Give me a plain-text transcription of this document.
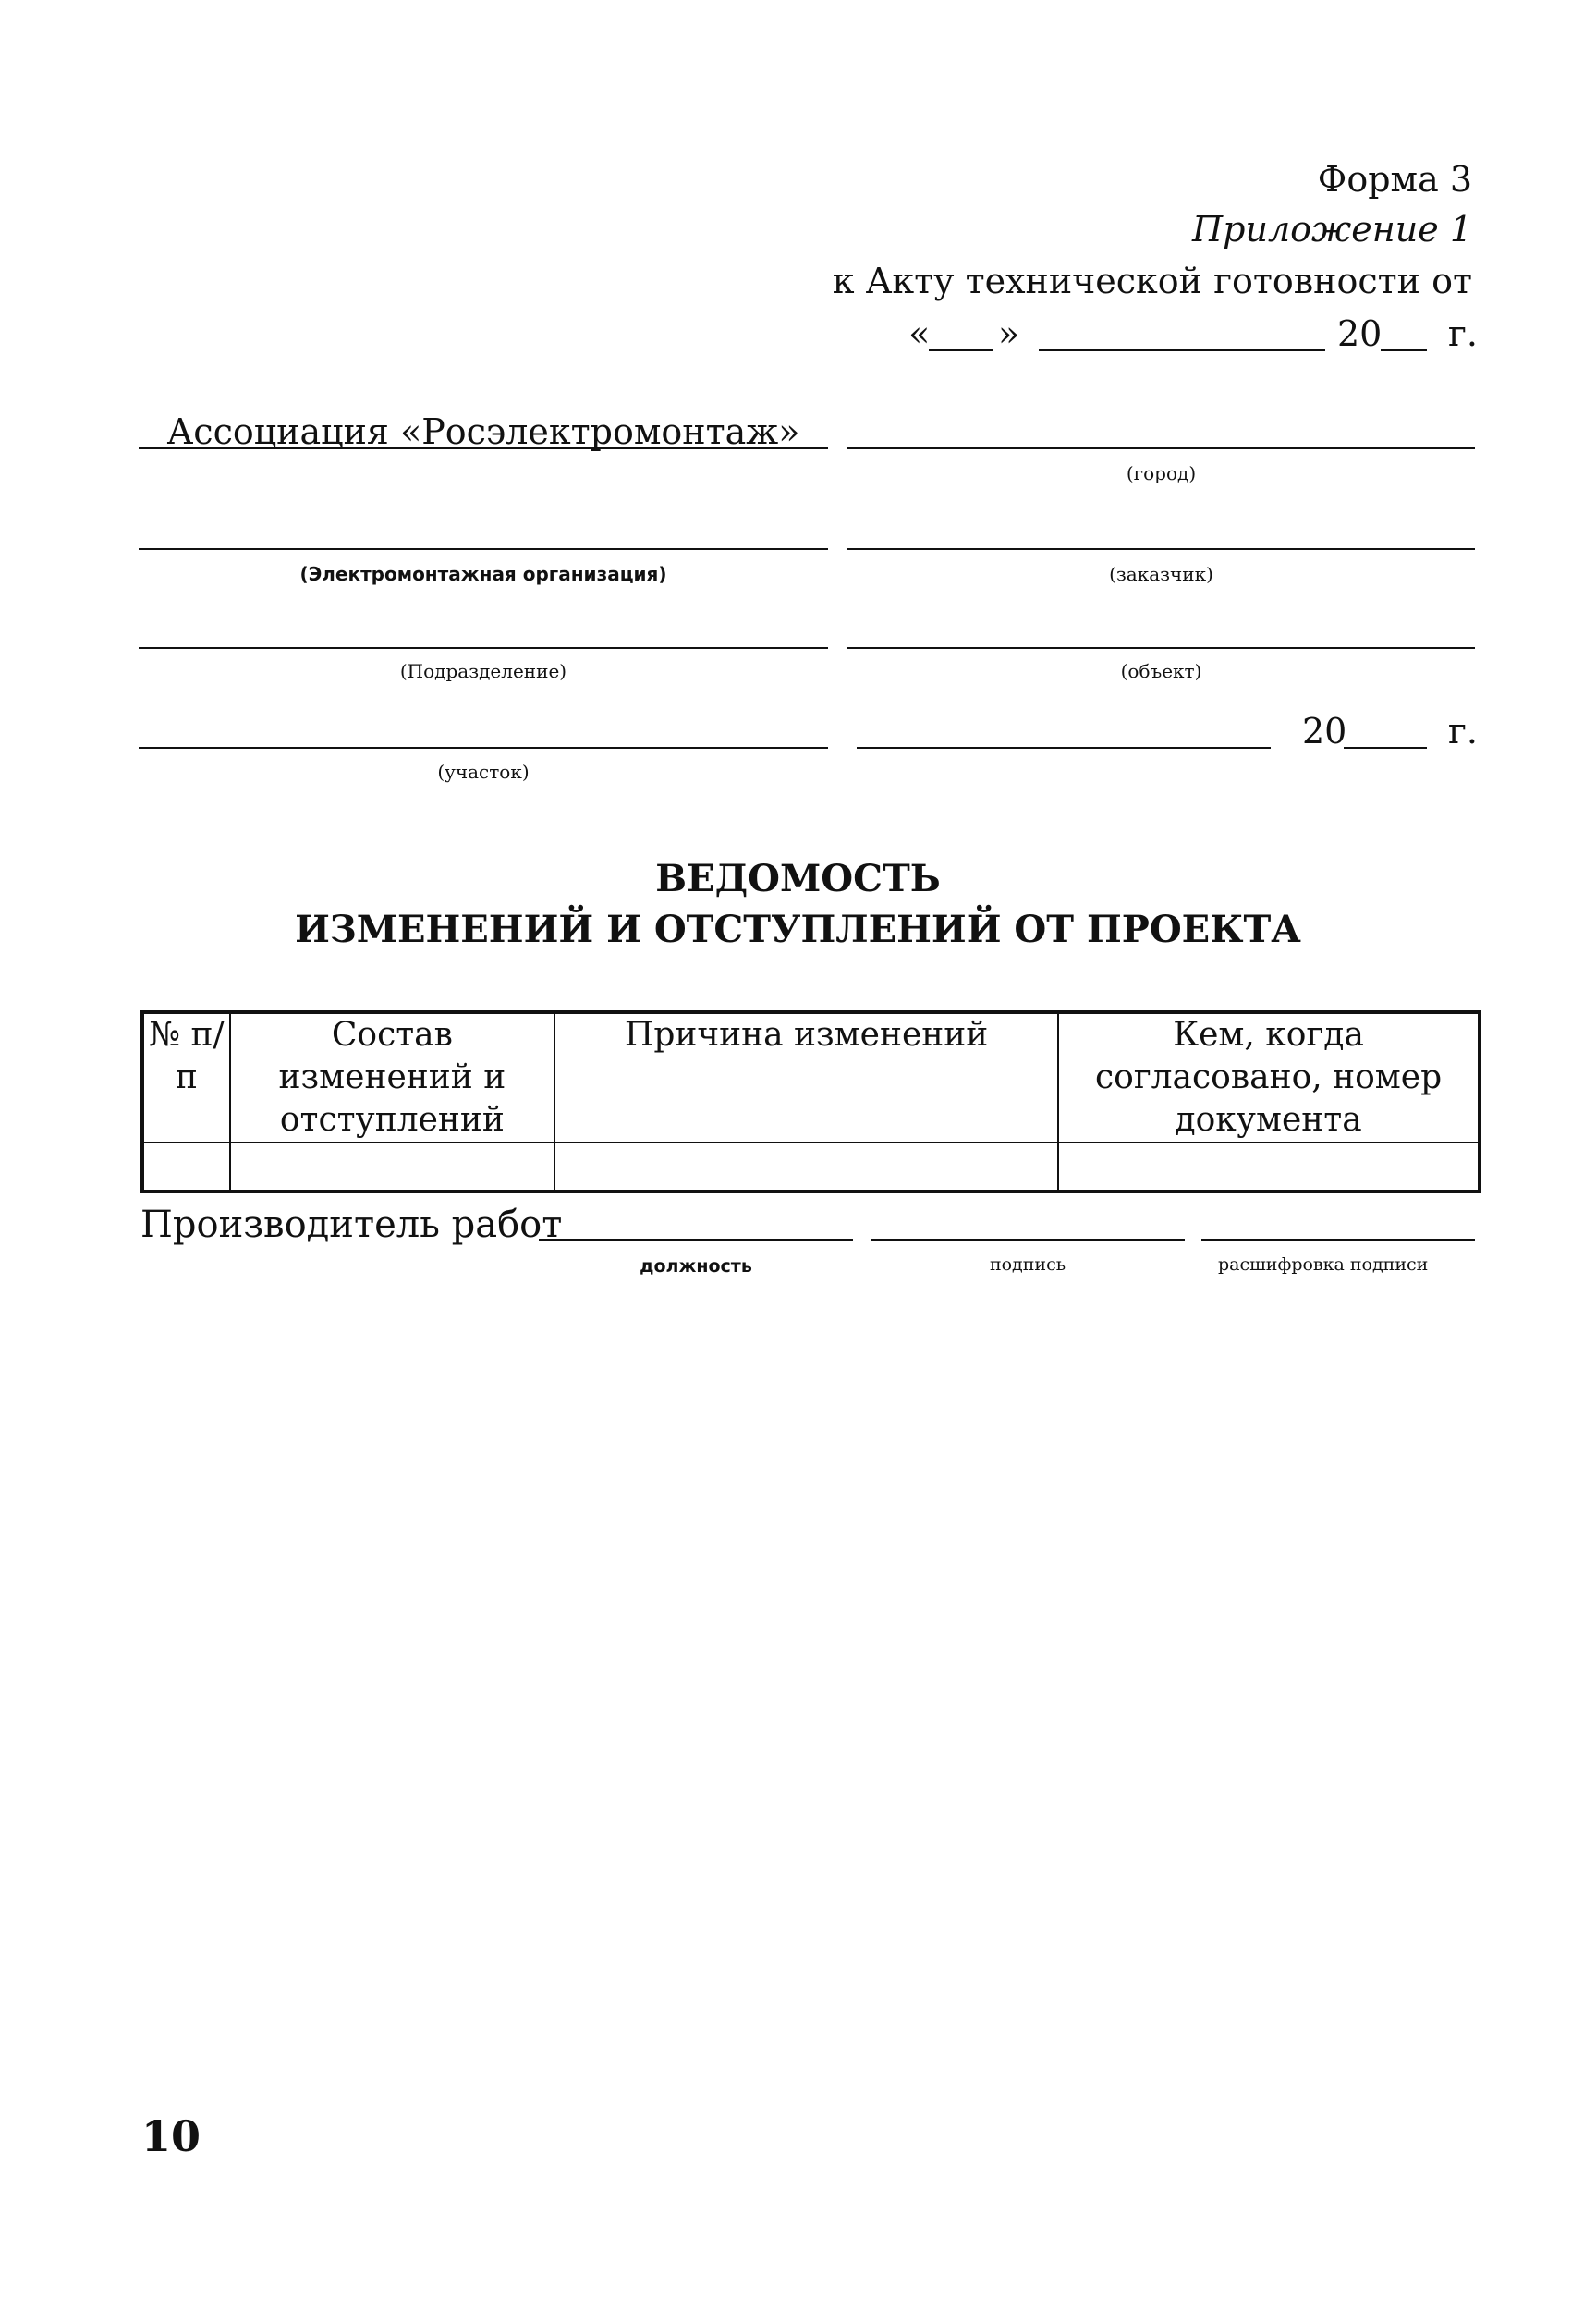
Форма 3
Приложение 1
к Акту технической готовности от
« »	20 г.
Ассоциация «Росэлектромонтаж»
(город)
(Электромонтажная организация)	(заказчик)
(Подразделение)	(объект)
(участок)
20	г.
ВЕДОМОСТЬ
ИЗМЕНЕНИЙ И ОТСТУПЛЕНИЙ ОТ ПРОЕКТА
№ п/п	Состав изменений и отступлений	Причина изменений	Кем, когда согласовано, номер документа

Производитель работ
должность	подпись	расшифровка подписи
10
